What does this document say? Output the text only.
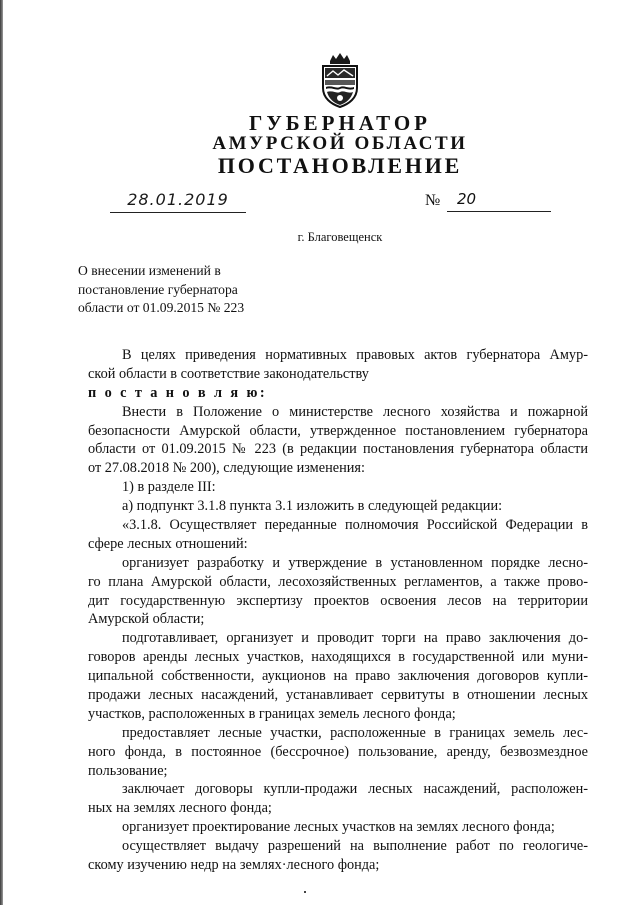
ГУБЕРНАТОР
АМУРСКОЙ ОБЛАСТИ
ПОСТАНОВЛЕНИЕ
28.01.2019	№	20
г. Благовещенск
О внесении изменений в
постановление губернатора
области от 01.09.2015 № 223
В целях приведения нормативных правовых актов губернатора Амур-
ской области в соответствие законодательству
п о с т а н о в л я ю:
Внести в Положение о министерстве лесного хозяйства и пожарной
безопасности Амурской области, утвержденное постановлением губернатора
области от 01.09.2015 № 223 (в редакции постановления губернатора области
от 27.08.2018 № 200), следующие изменения:
1) в разделе III:
а) подпункт 3.1.8 пункта 3.1 изложить в следующей редакции:
«3.1.8. Осуществляет переданные полномочия Российской Федерации в
сфере лесных отношений:
организует разработку и утверждение в установленном порядке лесно-
го плана Амурской области, лесохозяйственных регламентов, а также прово-
дит государственную экспертизу проектов освоения лесов на территории
Амурской области;
подготавливает, организует и проводит торги на право заключения до-
говоров аренды лесных участков, находящихся в государственной или муни-
ципальной собственности, аукционов на право заключения договоров купли-
продажи лесных насаждений, устанавливает сервитуты в отношении лесных
участков, расположенных в границах земель лесного фонда;
предоставляет лесные участки, расположенные в границах земель лес-
ного фонда, в постоянное (бессрочное) пользование, аренду, безвозмездное
пользование;
заключает договоры купли-продажи лесных насаждений, расположен-
ных на землях лесного фонда;
организует проектирование лесных участков на землях лесного фонда;
осуществляет выдачу разрешений на выполнение работ по геологиче-
скому изучению недр на землях·лесного фонда;
